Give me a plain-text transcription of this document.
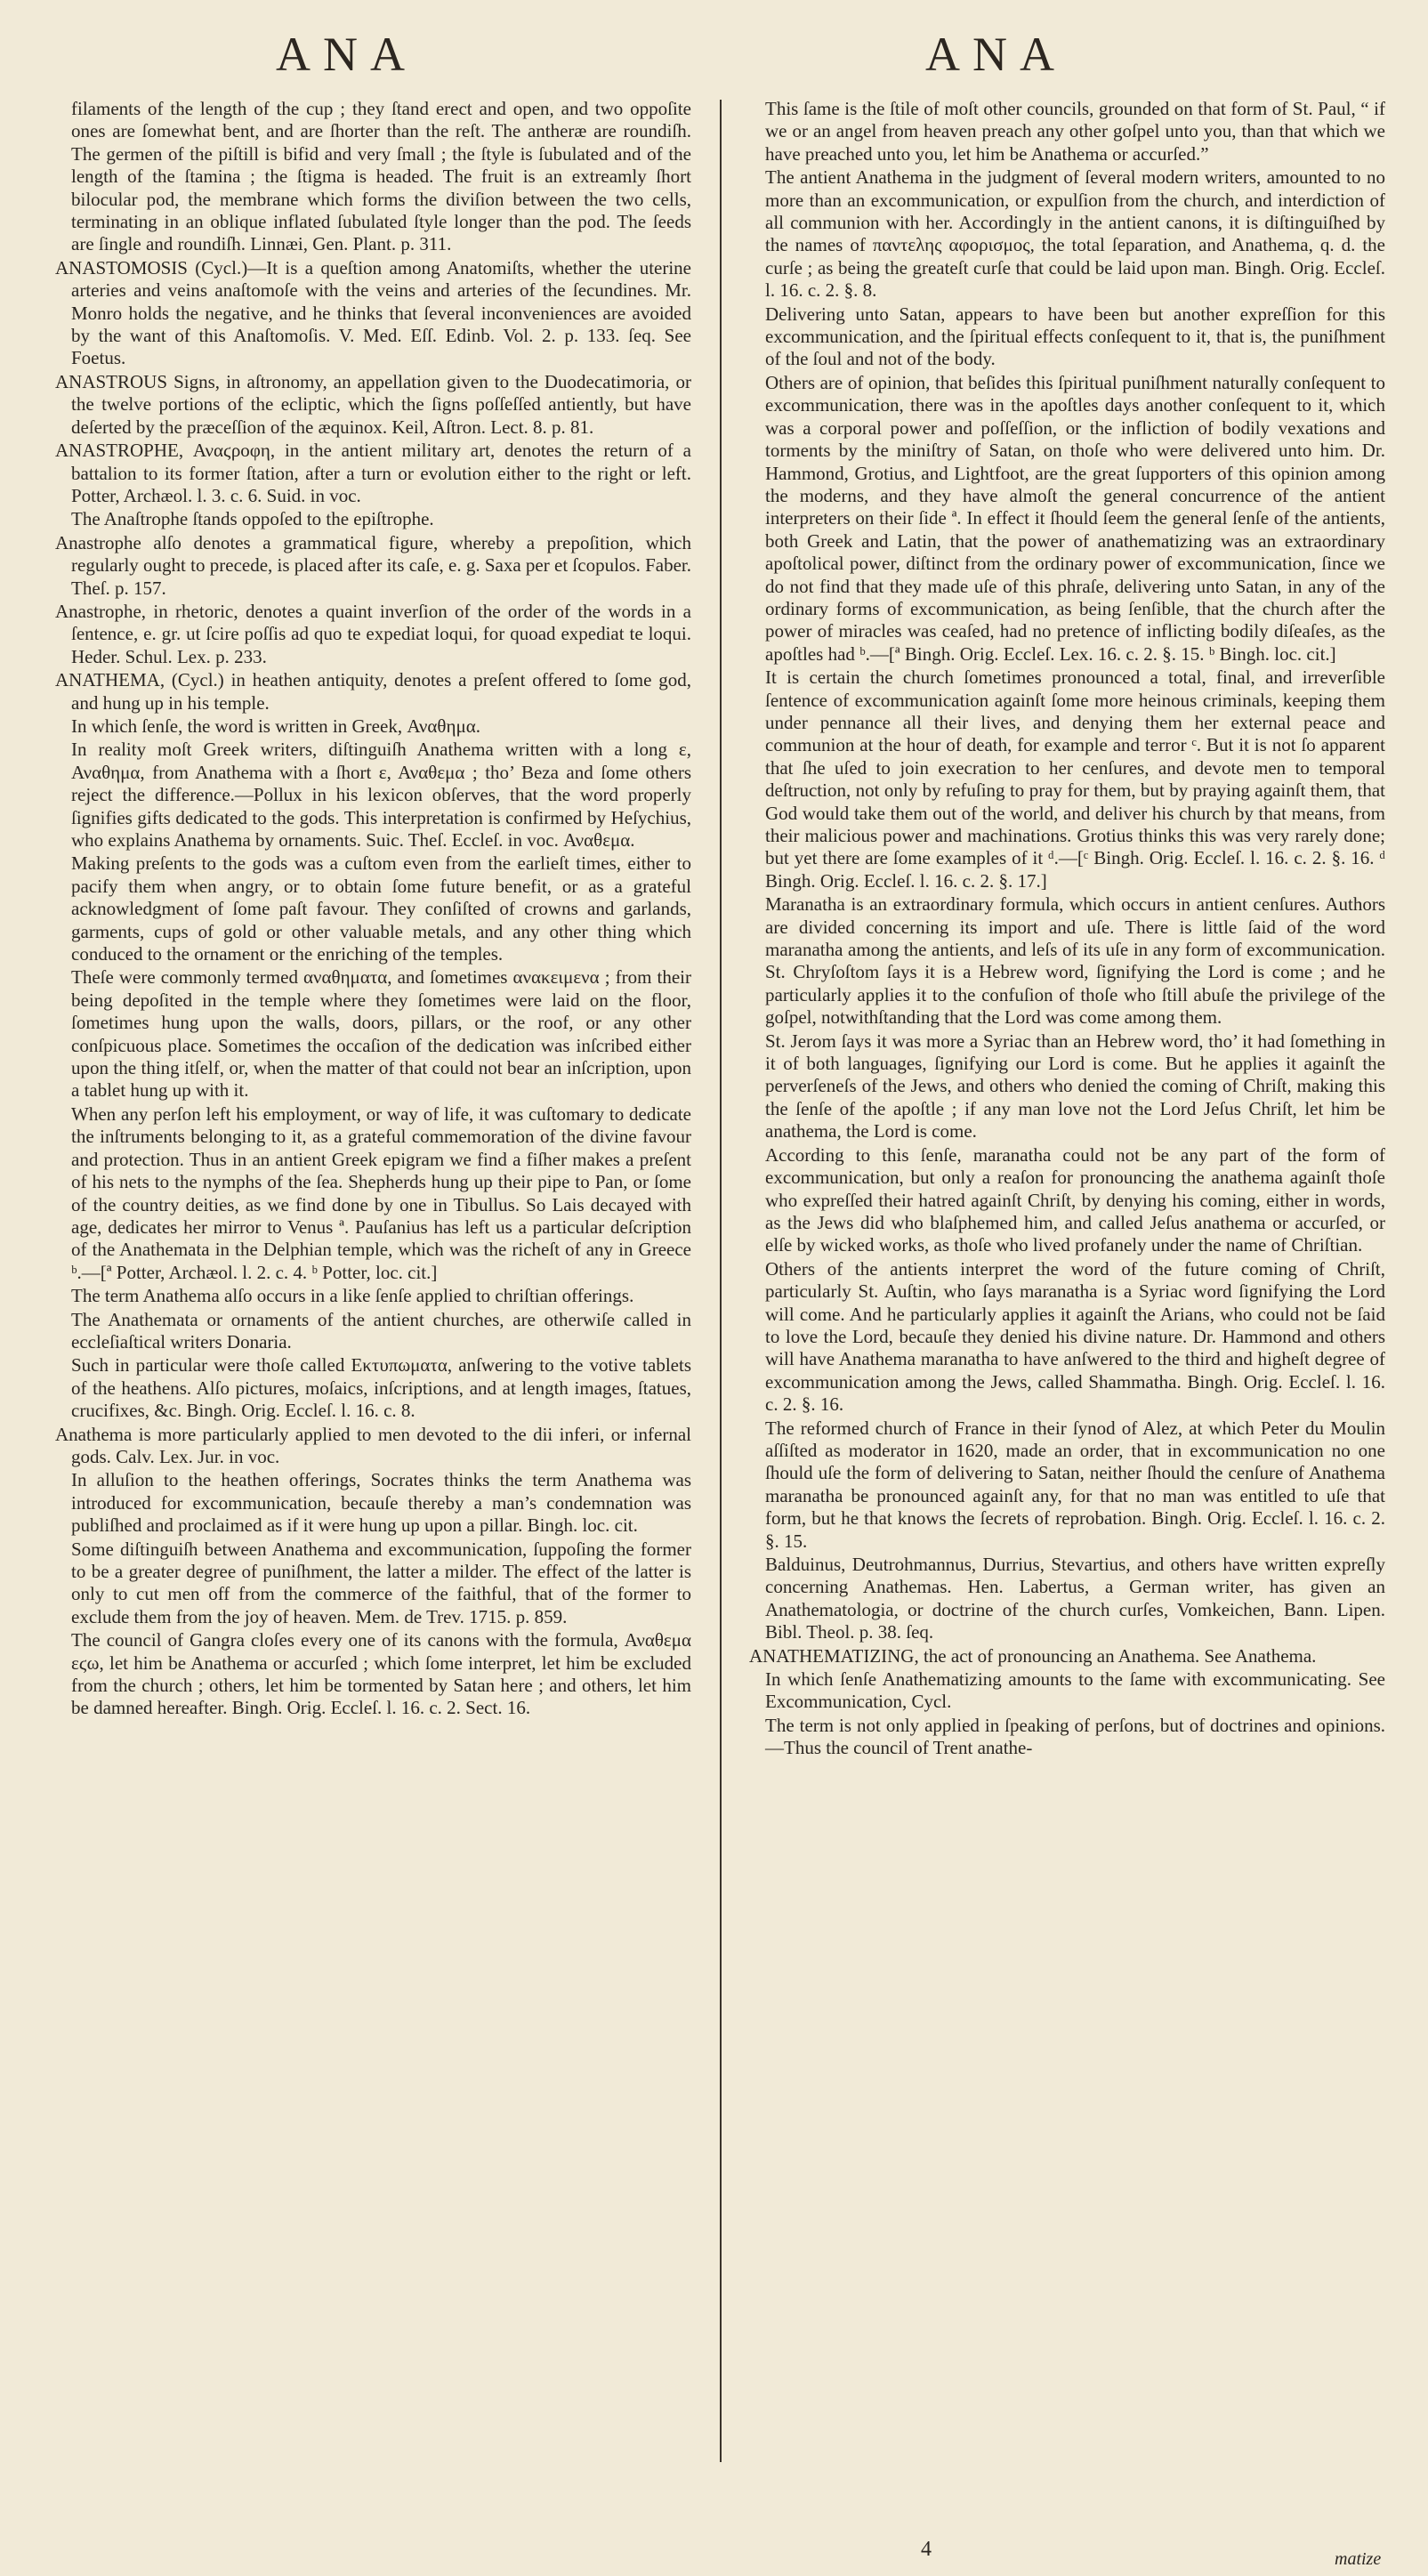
ANA	ANA

filaments of the length of the cup ; they ſtand erect and open, and two oppoſite ones are ſomewhat bent, and are ſhorter than the reſt. The antheræ are roundiſh. The germen of the piſtill is bifid and very ſmall ; the ſtyle is ſubulated and of the length of the ſtamina ; the ſtigma is headed. The fruit is an extreamly ſhort bilocular pod, the membrane which forms the diviſion between the two cells, terminating in an oblique inflated ſubulated ſtyle longer than the pod. The ſeeds are ſingle and roundiſh. Linnæi, Gen. Plant. p. 311.

ANASTOMOSIS (Cycl.)—It is a queſtion among Anatomiſts, whether the uterine arteries and veins anaſtomoſe with the veins and arteries of the ſecundines. Mr. Monro holds the negative, and he thinks that ſeveral inconveniences are avoided by the want of this Anaſtomoſis. V. Med. Eſſ. Edinb. Vol. 2. p. 133. ſeq. See Foetus.

ANASTROUS Signs, in aſtronomy, an appellation given to the Duodecatimoria, or the twelve portions of the ecliptic, which the ſigns poſſeſſed antiently, but have deſerted by the præceſſion of the æquinox. Keil, Aſtron. Lect. 8. p. 81.

ANASTROPHE, Αναϛροφη, in the antient military art, denotes the return of a battalion to its former ſtation, after a turn or evolution either to the right or left. Potter, Archæol. l. 3. c. 6. Suid. in voc.

The Anaſtrophe ſtands oppoſed to the epiſtrophe.

Anastrophe alſo denotes a grammatical figure, whereby a prepoſition, which regularly ought to precede, is placed after its caſe, e. g. Saxa per et ſcopulos. Faber. Theſ. p. 157.

Anastrophe, in rhetoric, denotes a quaint inverſion of the order of the words in a ſentence, e. gr. ut ſcire poſſis ad quo te expediat loqui, for quoad expediat te loqui. Heder. Schul. Lex. p. 233.

ANATHEMA, (Cycl.) in heathen antiquity, denotes a preſent offered to ſome god, and hung up in his temple.

In which ſenſe, the word is written in Greek, Αναθημα.

In reality moſt Greek writers, diſtinguiſh Anathema written with a long ε, Αναθημα, from Anathema with a ſhort ε, Αναθεμα ; tho’ Beza and ſome others reject the difference.—Pollux in his lexicon obſerves, that the word properly ſignifies gifts dedicated to the gods. This interpretation is confirmed by Heſychius, who explains Anathema by ornaments. Suic. Theſ. Eccleſ. in voc. Αναθεμα.

Making preſents to the gods was a cuſtom even from the earlieſt times, either to pacify them when angry, or to obtain ſome future benefit, or as a grateful acknowledgment of ſome paſt favour. They conſiſted of crowns and garlands, garments, cups of gold or other valuable metals, and any other thing which conduced to the ornament or the enriching of the temples.

Theſe were commonly termed αναθηματα, and ſometimes ανακειμενα ; from their being depoſited in the temple where they ſometimes were laid on the floor, ſometimes hung upon the walls, doors, pillars, or the roof, or any other conſpicuous place. Sometimes the occaſion of the dedication was inſcribed either upon the thing itſelf, or, when the matter of that could not bear an inſcription, upon a tablet hung up with it.

When any perſon left his employment, or way of life, it was cuſtomary to dedicate the inſtruments belonging to it, as a grateful commemoration of the divine favour and protection. Thus in an antient Greek epigram we find a fiſher makes a preſent of his nets to the nymphs of the ſea. Shepherds hung up their pipe to Pan, or ſome of the country deities, as we find done by one in Tibullus. So Lais decayed with age, dedicates her mirror to Venus ª. Pauſanius has left us a particular deſcription of the Anathemata in the Delphian temple, which was the richeſt of any in Greece ᵇ.—[ª Potter, Archæol. l. 2. c. 4. ᵇ Potter, loc. cit.]

The term Anathema alſo occurs in a like ſenſe applied to chriſtian offerings.

The Anathemata or ornaments of the antient churches, are otherwiſe called in eccleſiaſtical writers Donaria.

Such in particular were thoſe called Εκτυπωματα, anſwering to the votive tablets of the heathens. Alſo pictures, moſaics, inſcriptions, and at length images, ſtatues, crucifixes, &c. Bingh. Orig. Eccleſ. l. 16. c. 8.

Anathema is more particularly applied to men devoted to the dii inferi, or infernal gods. Calv. Lex. Jur. in voc.

In alluſion to the heathen offerings, Socrates thinks the term Anathema was introduced for excommunication, becauſe thereby a man’s condemnation was publiſhed and proclaimed as if it were hung up upon a pillar. Bingh. loc. cit.

Some diſtinguiſh between Anathema and excommunication, ſuppoſing the former to be a greater degree of puniſhment, the latter a milder. The effect of the latter is only to cut men off from the commerce of the faithful, that of the former to exclude them from the joy of heaven. Mem. de Trev. 1715. p. 859.

The council of Gangra cloſes every one of its canons with the formula, Αναθεμα εϛω, let him be Anathema or accurſed ; which ſome interpret, let him be excluded from the church ; others, let him be tormented by Satan here ; and others, let him be damned hereafter. Bingh. Orig. Eccleſ. l. 16. c. 2. Sect. 16.

This ſame is the ſtile of moſt other councils, grounded on that form of St. Paul, “ if we or an angel from heaven preach any other goſpel unto you, than that which we have preached unto you, let him be Anathema or accurſed.”

The antient Anathema in the judgment of ſeveral modern writers, amounted to no more than an excommunication, or expulſion from the church, and interdiction of all communion with her. Accordingly in the antient canons, it is diſtinguiſhed by the names of παντελης αφορισμος, the total ſeparation, and Anathema, q. d. the curſe ; as being the greateſt curſe that could be laid upon man. Bingh. Orig. Eccleſ. l. 16. c. 2. §. 8.

Delivering unto Satan, appears to have been but another expreſſion for this excommunication, and the ſpiritual effects conſequent to it, that is, the puniſhment of the ſoul and not of the body.

Others are of opinion, that beſides this ſpiritual puniſhment naturally conſequent to excommunication, there was in the apoſtles days another conſequent to it, which was a corporal power and poſſeſſion, or the infliction of bodily vexations and torments by the miniſtry of Satan, on thoſe who were delivered unto him. Dr. Hammond, Grotius, and Lightfoot, are the great ſupporters of this opinion among the moderns, and they have almoſt the general concurrence of the antient interpreters on their ſide ª. In effect it ſhould ſeem the general ſenſe of the antients, both Greek and Latin, that the power of anathematizing was an extraordinary apoſtolical power, diſtinct from the ordinary power of excommunication, ſince we do not find that they made uſe of this phraſe, delivering unto Satan, in any of the ordinary forms of excommunication, as being ſenſible, that the church after the power of miracles was ceaſed, had no pretence of inflicting bodily diſeaſes, as the apoſtles had ᵇ.—[ª Bingh. Orig. Eccleſ. Lex. 16. c. 2. §. 15. ᵇ Bingh. loc. cit.]

It is certain the church ſometimes pronounced a total, final, and irreverſible ſentence of excommunication againſt ſome more heinous criminals, keeping them under pennance all their lives, and denying them her external peace and communion at the hour of death, for example and terror ᶜ. But it is not ſo apparent that ſhe uſed to join execration to her cenſures, and devote men to temporal deſtruction, not only by refuſing to pray for them, but by praying againſt them, that God would take them out of the world, and deliver his church by that means, from their malicious power and machinations. Grotius thinks this was very rarely done; but yet there are ſome examples of it ᵈ.—[ᶜ Bingh. Orig. Eccleſ. l. 16. c. 2. §. 16. ᵈ Bingh. Orig. Eccleſ. l. 16. c. 2. §. 17.]

Maranatha is an extraordinary formula, which occurs in antient cenſures. Authors are divided concerning its import and uſe. There is little ſaid of the word maranatha among the antients, and leſs of its uſe in any form of excommunication. St. Chryſoſtom ſays it is a Hebrew word, ſignifying the Lord is come ; and he particularly applies it to the confuſion of thoſe who ſtill abuſe the privilege of the goſpel, notwithſtanding that the Lord was come among them.

St. Jerom ſays it was more a Syriac than an Hebrew word, tho’ it had ſomething in it of both languages, ſignifying our Lord is come. But he applies it againſt the perverſeneſs of the Jews, and others who denied the coming of Chriſt, making this the ſenſe of the apoſtle ; if any man love not the Lord Jeſus Chriſt, let him be anathema, the Lord is come.

According to this ſenſe, maranatha could not be any part of the form of excommunication, but only a reaſon for pronouncing the anathema againſt thoſe who expreſſed their hatred againſt Chriſt, by denying his coming, either in words, as the Jews did who blaſphemed him, and called Jeſus anathema or accurſed, or elſe by wicked works, as thoſe who lived profanely under the name of Chriſtian.

Others of the antients interpret the word of the future coming of Chriſt, particularly St. Auſtin, who ſays maranatha is a Syriac word ſignifying the Lord will come. And he particularly applies it againſt the Arians, who could not be ſaid to love the Lord, becauſe they denied his divine nature. Dr. Hammond and others will have Anathema maranatha to have anſwered to the third and higheſt degree of excommunication among the Jews, called Shammatha. Bingh. Orig. Eccleſ. l. 16. c. 2. §. 16.

The reformed church of France in their ſynod of Alez, at which Peter du Moulin aſſiſted as moderator in 1620, made an order, that in excommunication no one ſhould uſe the form of delivering to Satan, neither ſhould the cenſure of Anathema maranatha be pronounced againſt any, for that no man was entitled to uſe that form, but he that knows the ſecrets of reprobation. Bingh. Orig. Eccleſ. l. 16. c. 2. §. 15.

Balduinus, Deutrohmannus, Durrius, Stevartius, and others have written expreſly concerning Anathemas. Hen. Labertus, a German writer, has given an Anathematologia, or doctrine of the church curſes, Vomkeichen, Bann. Lipen. Bibl. Theol. p. 38. ſeq.

ANATHEMATIZING, the act of pronouncing an Anathema. See Anathema.

In which ſenſe Anathematizing amounts to the ſame with excommunicating. See Excommunication, Cycl.

The term is not only applied in ſpeaking of perſons, but of doctrines and opinions.—Thus the council of Trent anathe-

4	matize
